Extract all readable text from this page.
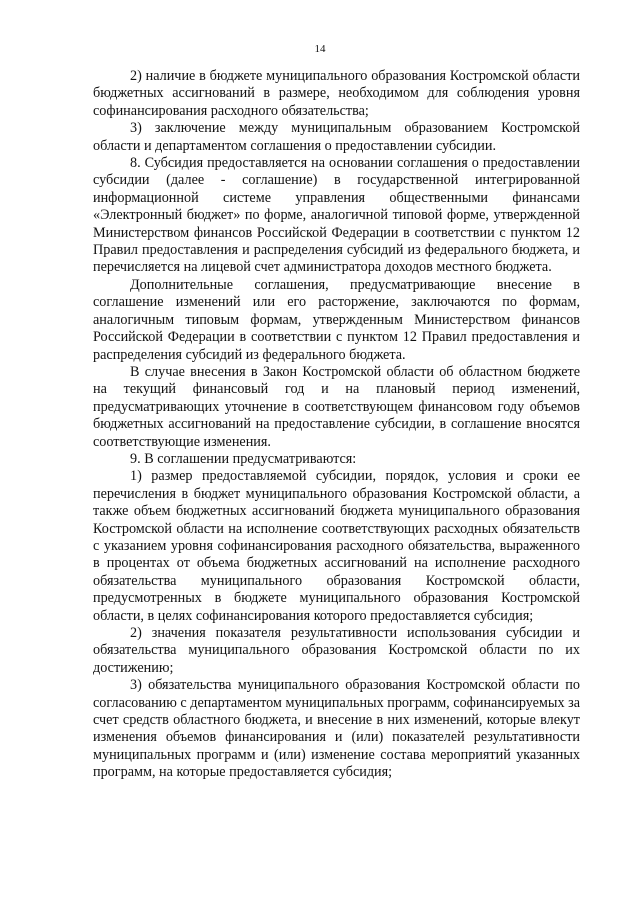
14

2) наличие в бюджете муниципального образования Костромской области бюджетных ассигнований в размере, необходимом для соблюдения уровня софинансирования расходного обязательства;

3) заключение между муниципальным образованием Костромской области и департаментом соглашения о предоставлении субсидии.

8. Субсидия предоставляется на основании соглашения о предоставлении субсидии (далее - соглашение) в государственной интегрированной информационной системе управления общественными финансами «Электронный бюджет» по форме, аналогичной типовой форме, утвержденной Министерством финансов Российской Федерации в соответствии с пунктом 12 Правил предоставления и распределения субсидий из федерального бюджета, и перечисляется на лицевой счет администратора доходов местного бюджета.

Дополнительные соглашения, предусматривающие внесение в соглашение изменений или его расторжение, заключаются по формам, аналогичным типовым формам, утвержденным Министерством финансов Российской Федерации в соответствии с пунктом 12 Правил предоставления и распределения субсидий из федерального бюджета.

В случае внесения в Закон Костромской области об областном бюджете на текущий финансовый год и на плановый период изменений, предусматривающих уточнение в соответствующем финансовом году объемов бюджетных ассигнований на предоставление субсидии, в соглашение вносятся соответствующие изменения.

9. В соглашении предусматриваются:

1) размер предоставляемой субсидии, порядок, условия и сроки ее перечисления в бюджет муниципального образования Костромской области, а также объем бюджетных ассигнований бюджета муниципального образования Костромской области на исполнение соответствующих расходных обязательств с указанием уровня софинансирования расходного обязательства, выраженного в процентах от объема бюджетных ассигнований на исполнение расходного обязательства муниципального образования Костромской области, предусмотренных в бюджете муниципального образования Костромской области, в целях софинансирования которого предоставляется субсидия;

2) значения показателя результативности использования субсидии и обязательства муниципального образования Костромской области по их достижению;

3) обязательства муниципального образования Костромской области по согласованию с департаментом муниципальных программ, софинансируемых за счет средств областного бюджета, и внесение в них изменений, которые влекут изменения объемов финансирования и (или) показателей результативности муниципальных программ и (или) изменение состава мероприятий указанных программ, на которые предоставляется субсидия;
